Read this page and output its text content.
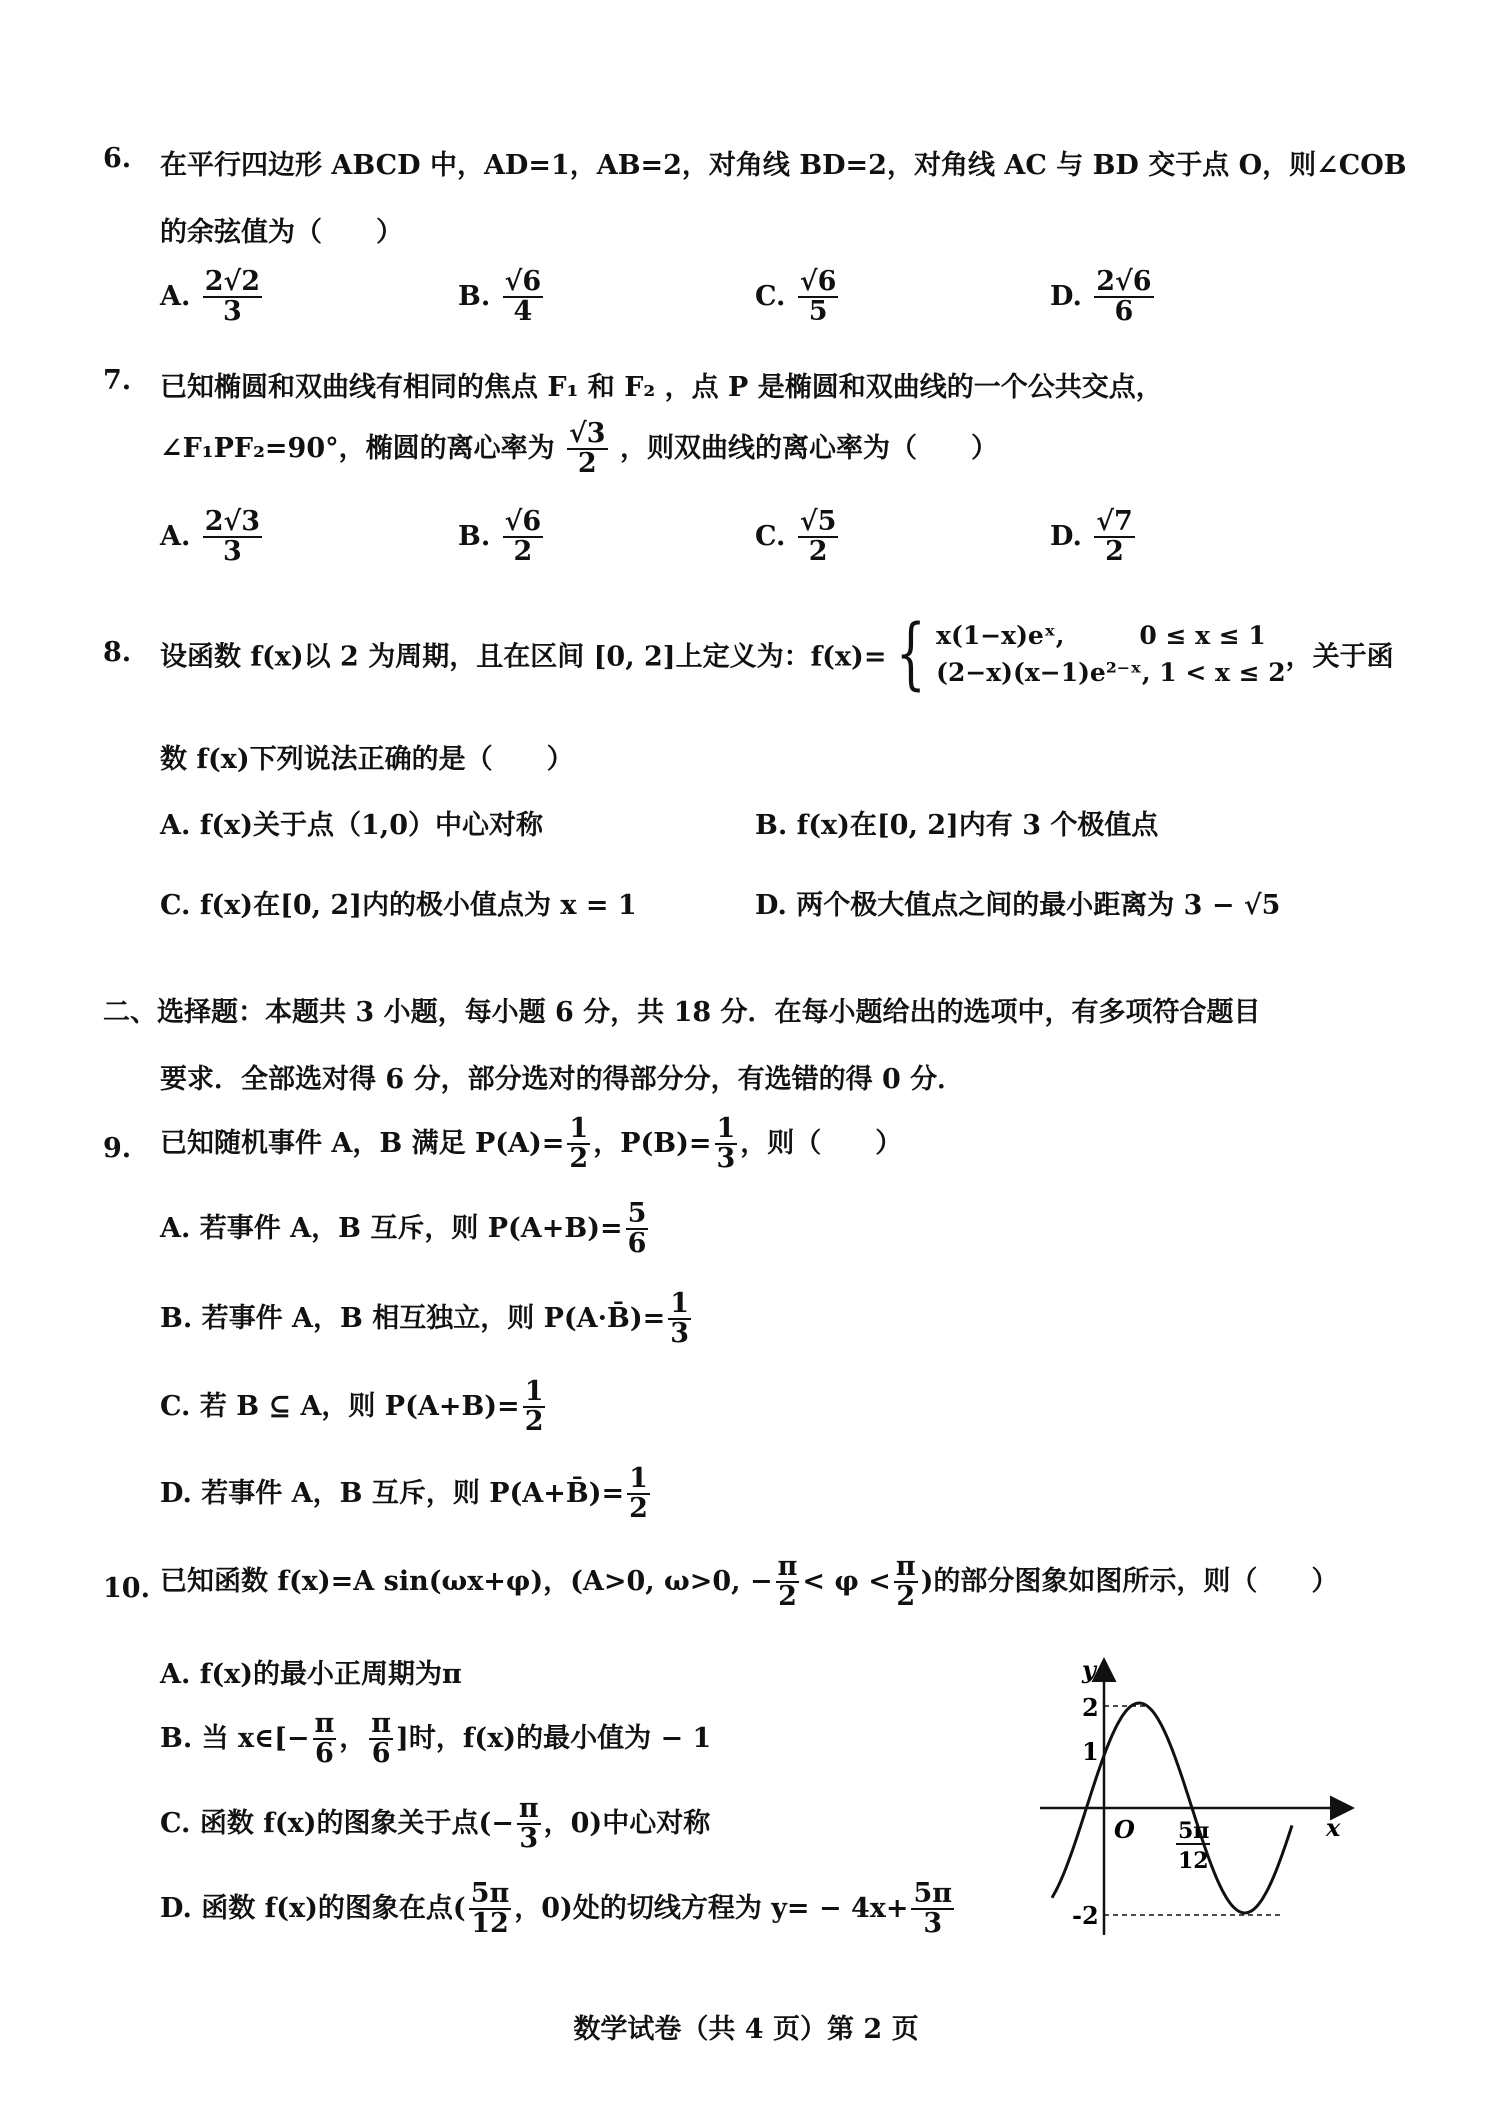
6. 在平行四边形 ABCD 中，AD=1，AB=2，对角线 BD=2，对角线 AC 与 BD 交于点 O，则∠COB
的余弦值为（　　）
A. $\frac{2√2}{3}$	B. $\frac{√6}{4}$	C. $\frac{√6}{5}$	D. $\frac{2√6}{6}$
7. 已知椭圆和双曲线有相同的焦点 F₁ 和 F₂ ，点 P 是椭圆和双曲线的一个公共交点，
∠F₁PF₂=90°，椭圆的离心率为 $\frac{√3}{2}$ ，则双曲线的离心率为（　　）
A. $\frac{2√3}{3}$	B. $\frac{√6}{2}$	C. $\frac{√5}{2}$	D. $\frac{√7}{2}$
8. 设函数 f(x)以 2 为周期，且在区间 [0, 2]上定义为：f(x)= { x(1−x)eˣ,　　　0 ≤ x ≤ 1
(2−x)(x−1)e²⁻ˣ, 1 < x ≤ 2 ，关于函
数 f(x)下列说法正确的是（　　）
A. f(x)关于点（1,0）中心对称	B. f(x)在[0, 2]内有 3 个极值点
C. f(x)在[0, 2]内的极小值点为 x = 1	D. 两个极大值点之间的最小距离为 3 − √5
二、选择题：本题共 3 小题，每小题 6 分，共 18 分．在每小题给出的选项中，有多项符合题目
要求．全部选对得 6 分，部分选对的得部分分，有选错的得 0 分．
9. 已知随机事件 A，B 满足 $P(A)= \frac{1}{2}$ ，$P(B)= \frac{1}{3}$ ，则（　　）
A. 若事件 A，B 互斥，则 $P(A+B)= \frac{5}{6}$
B. 若事件 A，B 相互独立，则 P(A·B̄)= $\frac{1}{3}$
C. 若 B ⊆ A，则 $P(A+B)= \frac{1}{2}$
D. 若事件 A，B 互斥，则 P(A+B̄)= $\frac{1}{2}$
10. 已知函数 f(x)=A sin(ωx+φ)，(A>0, ω>0, − $\frac{\pi}{2} < \varphi < \frac{\pi}{2}$ )的部分图象如图所示，则（　　）
A. f(x)的最小正周期为π
B. 当 x∈[− $\frac{\pi}{6}$ ， $\frac{\pi}{6}$ ]时，f(x)的最小值为 − 1
C. 函数 f(x)的图象关于点(− $\frac{\pi}{3}$ ，0)中心对称
D. 函数 f(x)的图象在点( $\frac{5\pi}{12}$ ，0)处的切线方程为 $y= - 4x+ \frac{5\pi}{3}$
y
x
O
2
1
-2
5π
12
数学试卷（共 4 页）第 2 页
